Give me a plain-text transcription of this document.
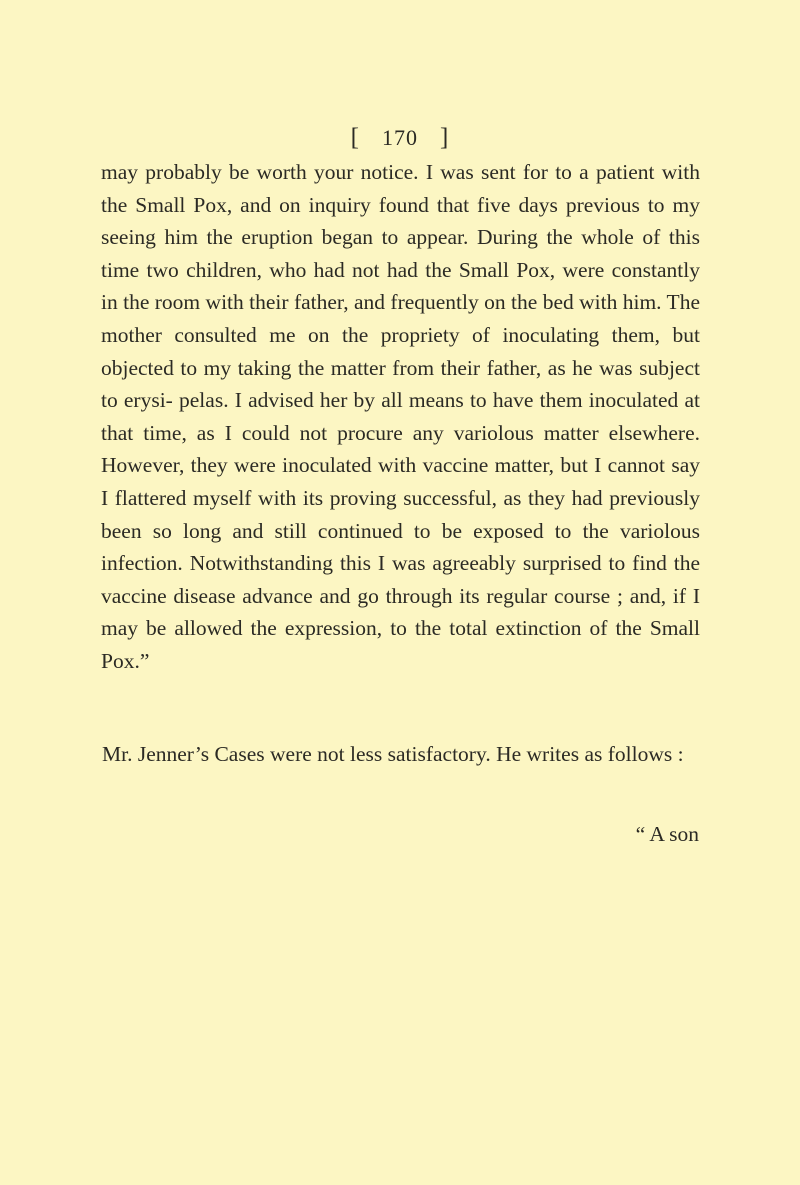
[ 170 ]

may probably be worth your notice. I was sent for to a patient with the Small Pox, and on inquiry found that five days previous to my seeing him the eruption began to appear. During the whole of this time two children, who had not had the Small Pox, were constantly in the room with their father, and frequently on the bed with him. The mother consulted me on the propriety of inoculating them, but objected to my taking the matter from their father, as he was subject to erysi- pelas. I advised her by all means to have them inoculated at that time, as I could not procure any variolous matter elsewhere. However, they were inoculated with vaccine matter, but I cannot say I flattered myself with its proving successful, as they had previously been so long and still continued to be exposed to the variolous infection. Notwithstanding this I was agreeably surprised to find the vaccine disease advance and go through its regular course ; and, if I may be allowed the expression, to the total extinction of the Small Pox.”

Mr. Jenner’s Cases were not less satisfactory. He writes as follows :

“ A son
